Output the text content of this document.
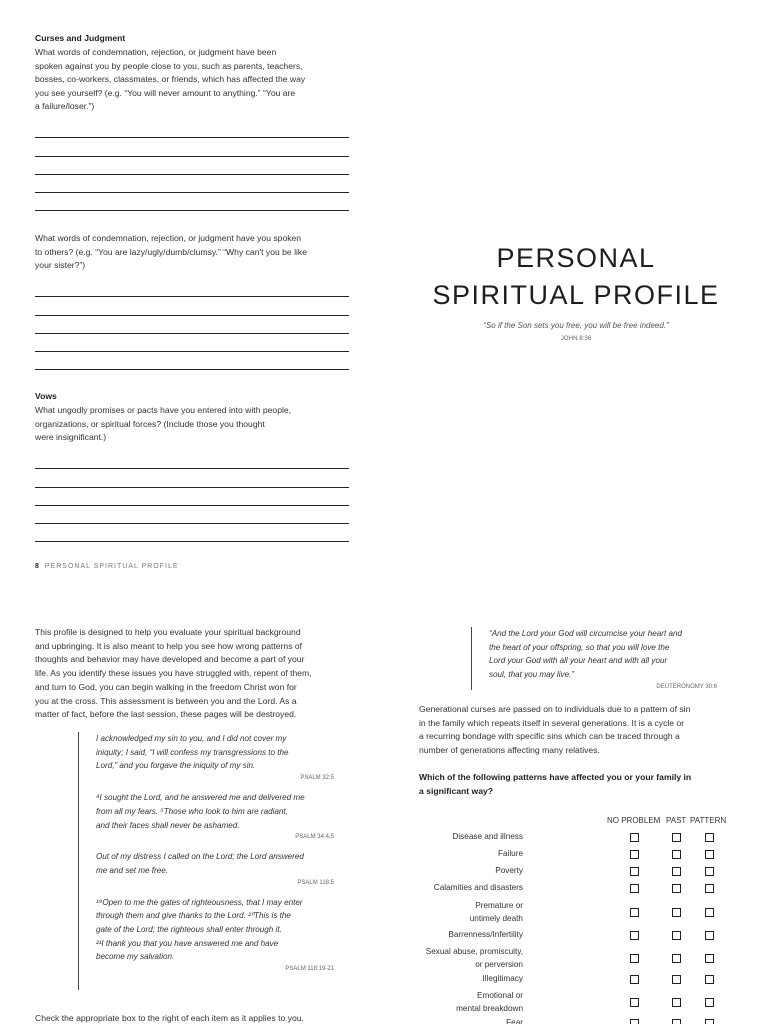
Curses and Judgment
What words of condemnation, rejection, or judgment have been
spoken against you by people close to you, such as parents, teachers,
bosses, co-workers, classmates, or friends, which has affected the way
you see yourself? (e.g. “You will never amount to anything.” “You are
a failure/loser.”)
What words of condemnation, rejection, or judgment have you spoken
to others? (e.g. “You are lazy/ugly/dumb/clumsy.” “Why can't you be like
your sister?”)
Vows
What ungodly promises or pacts have you entered into with people,
organizations, or spiritual forces? (Include those you thought
were insignificant.)
8 PERSONAL SPIRITUAL PROFILE
PERSONAL
SPIRITUAL PROFILE
“So if the Son sets you free, you will be free indeed.”
JOHN 8:36
This profile is designed to help you evaluate your spiritual background
and upbringing. It is also meant to help you see how wrong patterns of
thoughts and behavior may have developed and become a part of your
life. As you identify these issues you have struggled with, repent of them,
and turn to God, you can begin walking in the freedom Christ won for
you at the cross. This assessment is between you and the Lord. As a
matter of fact, before the last session, these pages will be destroyed.
I acknowledged my sin to you, and I did not cover my
iniquity; I said, “I will confess my transgressions to the
Lord,” and you forgave the iniquity of my sin.
PSALM 32:5
⁴I sought the Lord, and he answered me and delivered me
from all my fears. ⁵Those who look to him are radiant,
and their faces shall never be ashamed.
PSALM 34:4,5
Out of my distress I called on the Lord; the Lord answered
me and set me free.
PSALM 118:5
¹⁹Open to me the gates of righteousness, that I may enter
through them and give thanks to the Lord. ²⁰This is the
gate of the Lord; the righteous shall enter through it.
²¹I thank you that you have answered me and have
become my salvation.
PSALM 118:19-21
Check the appropriate box to the right of each item as it applies to you.
“And the Lord your God will circumcise your heart and
the heart of your offspring, so that you will love the
Lord your God with all your heart and with all your
soul, that you may live.”
DEUTERONOMY 30:6
Generational curses are passed on to individuals due to a pattern of sin
in the family which repeats itself in several generations. It is a cycle or
a recurring bondage with specific sins which can be traced through a
number of generations affecting many relatives.
Which of the following patterns have affected you or your family in
a significant way?
NO PROBLEM PAST PATTERN
Disease and illness
Failure
Poverty
Calamities and disasters
Premature or
untimely death
Barrenness/Infertility
Sexual abuse, promiscuity,
or perversion
Illegitimacy
Emotional or
mental breakdown
Fear
